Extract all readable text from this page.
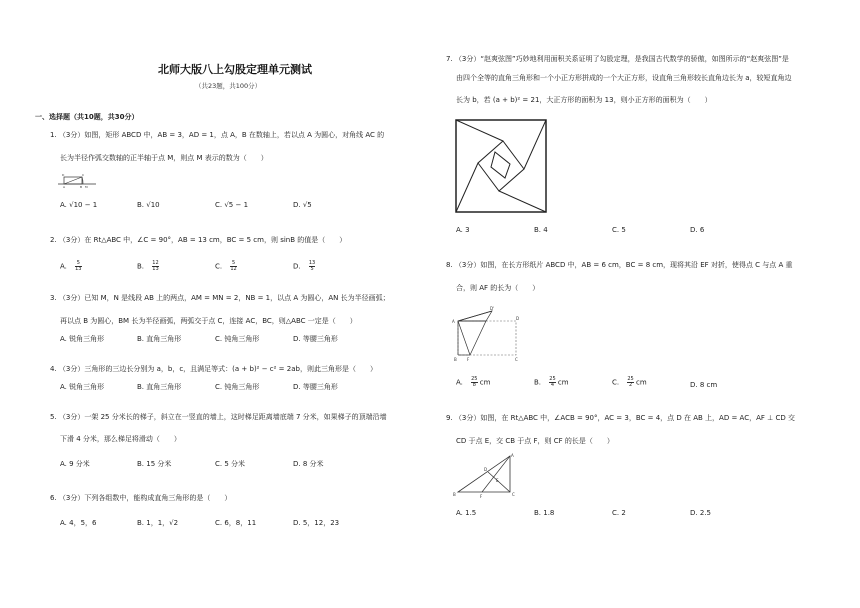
北师大版八上勾股定理单元测试
（共23题，共100分）
一、选择题（共10题，共30分）
1. （3分）如图，矩形 ABCD 中，AB = 3，AD = 1，点 A，B 在数轴上，若以点 A 为圆心，对角线 AC 的
长为半径作弧交数轴的正半轴于点 M，则点 M 表示的数为（　　）
D	C
A	B M
A. √10 − 1	B. √10	C. √5 − 1	D. √5
2. （3分）在 Rt△ABC 中，∠C = 90°，AB = 13 cm，BC = 5 cm，则 sinB 的值是（　　）
A. $\frac{5}{13}$	B. $\frac{12}{13}$	C. $\frac{5}{12}$	D. $\frac{13}{5}$
3. （3分）已知 M，N 是线段 AB 上的两点，AM = MN = 2，NB = 1，以点 A 为圆心，AN 长为半径画弧；
再以点 B 为圆心，BM 长为半径画弧，两弧交于点 C，连接 AC，BC，则△ABC 一定是（　　）
A. 锐角三角形	B. 直角三角形	C. 钝角三角形	D. 等腰三角形
4. （3分）三角形的三边长分别为 a，b，c，且满足等式：(a + b)² − c² = 2ab，则此三角形是（　　）
A. 锐角三角形	B. 直角三角形	C. 钝角三角形	D. 等腰三角形
5. （3分）一架 25 分米长的梯子，斜立在一竖直的墙上，这时梯足距离墙底端 7 分米，如果梯子的顶端沿墙
下滑 4 分米，那么梯足将滑动（　　）
A. 9 分米	B. 15 分米	C. 5 分米	D. 8 分米
6. （3分）下列各组数中，能构成直角三角形的是（　　）
A. 4，5，6	B. 1，1，√2	C. 6，8，11	D. 5，12，23
7. （3分）“赵爽弦图”巧妙地利用面积关系证明了勾股定理，是我国古代数学的骄傲，如图所示的“赵爽弦图”是
由四个全等的直角三角形和一个小正方形拼成的一个大正方形，设直角三角形较长直角边长为 a，较短直角边
长为 b，若 (a + b)² = 21，大正方形的面积为 13，则小正方形的面积为（　　）
A. 3	B. 4	C. 5	D. 6
8. （3分）如图，在长方形纸片 ABCD 中，AB = 6 cm，BC = 8 cm，现将其沿 EF 对折，使得点 C 与点 A 重
合，则 AF 的长为（　　）
D'
A
D
B	F	C
A. $\frac{25}{8}$ cm	B. $\frac{25}{4}$ cm	C. $\frac{25}{2}$ cm	D. 8 cm
9. （3分）如图，在 Rt△ABC 中，∠ACB = 90°，AC = 3，BC = 4，点 D 在 AB 上，AD = AC，AF ⊥ CD 交
CD 于点 E，交 CB 于点 F，则 CF 的长是（　　）
B	C
A
D
E
F
A. 1.5	B. 1.8	C. 2	D. 2.5
